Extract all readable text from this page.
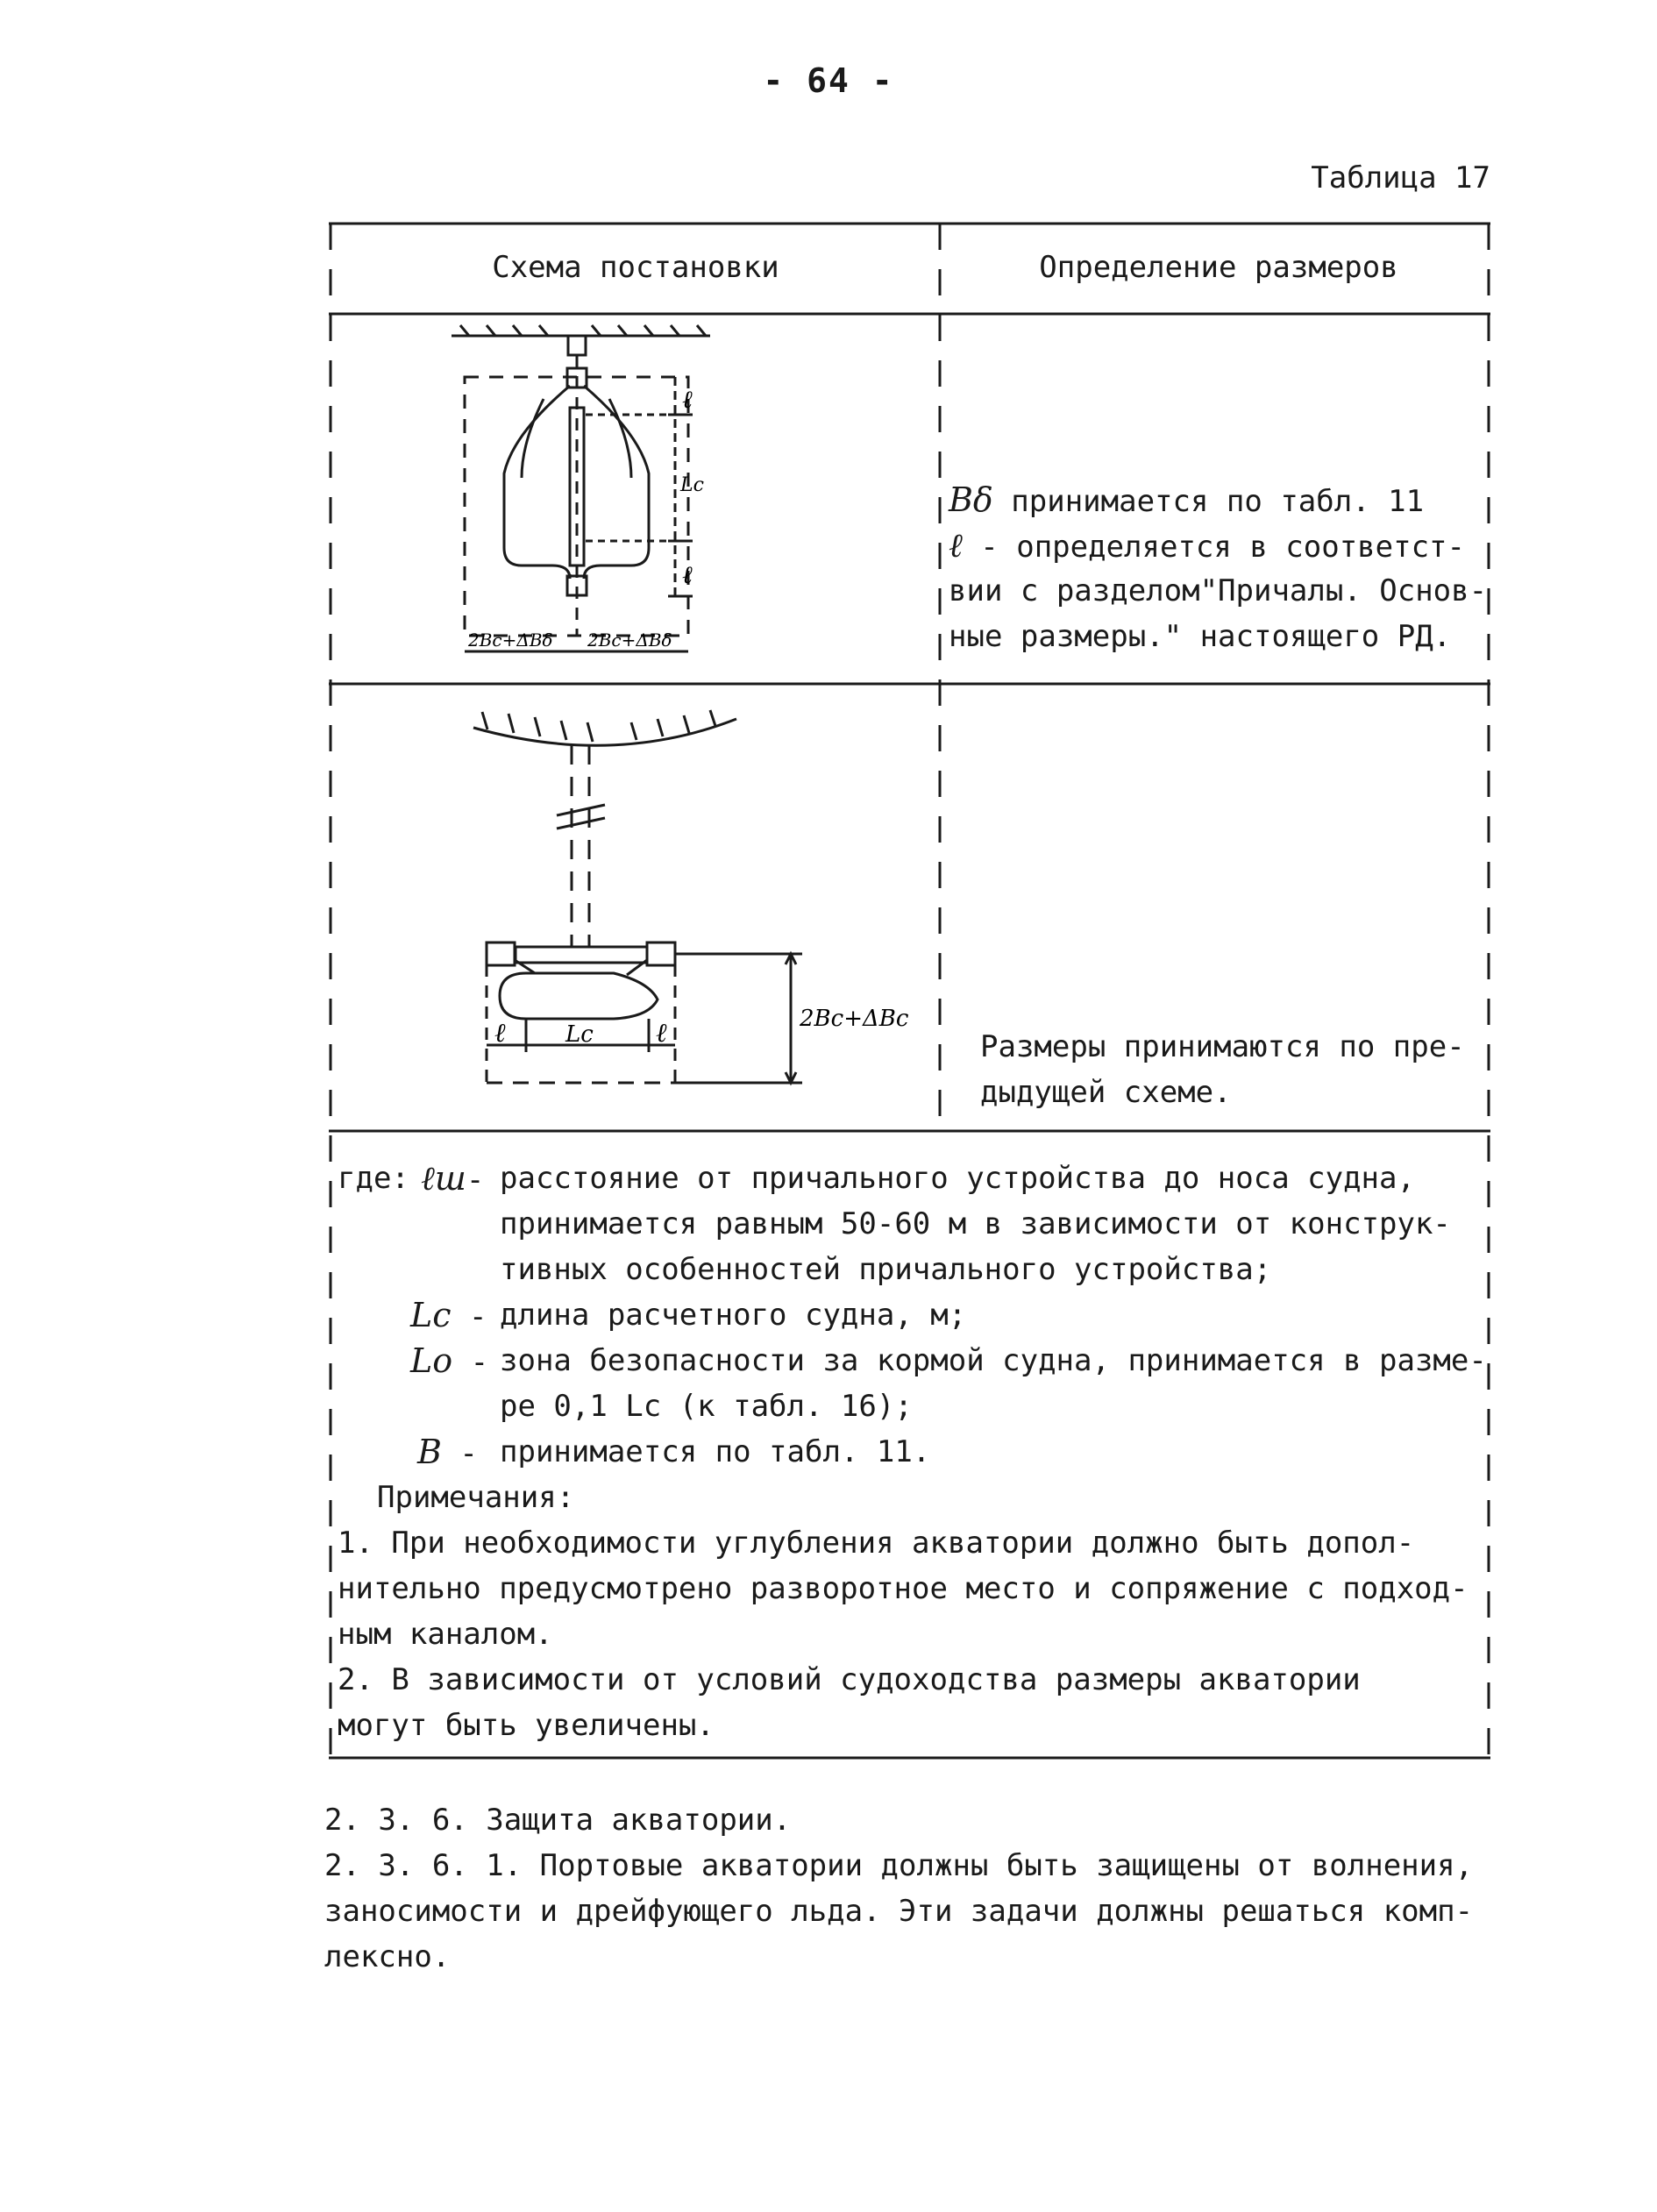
- 64 -
Таблица 17
Схема постановки	Определение размеров
ℓ
Lc
ℓ
2Bc+ΔBδ 2Bc+ΔBδ
Bδ принимается по табл. 11
ℓ - определяется в соответст-
вии с разделом"Причалы. Основ-
ные размеры." настоящего РД.
ℓ	Lc ℓ	2Bc+ΔBc
Размеры принимаются по пре-
дыдущей схеме.
где: ℓш- расстояние от причального устройства до носа судна,
принимается равным 50-60 м в зависимости от конструк-
тивных особенностей причального устройства;
Lc - длина расчетного судна, м;
Lo - зона безопасности за кормой судна, принимается в разме-
ре 0,1 Lc (к табл. 16);
B - принимается по табл. 11.
Примечания:
1. При необходимости углубления акватории должно быть допол-
нительно предусмотрено разворотное место и сопряжение с подход-
ным каналом.
2. В зависимости от условий судоходства размеры акватории
могут быть увеличены.
2. 3. 6. Защита акватории.
2. 3. 6. 1. Портовые акватории должны быть защищены от волнения,
заносимости и дрейфующего льда. Эти задачи должны решаться комп-
лексно.
